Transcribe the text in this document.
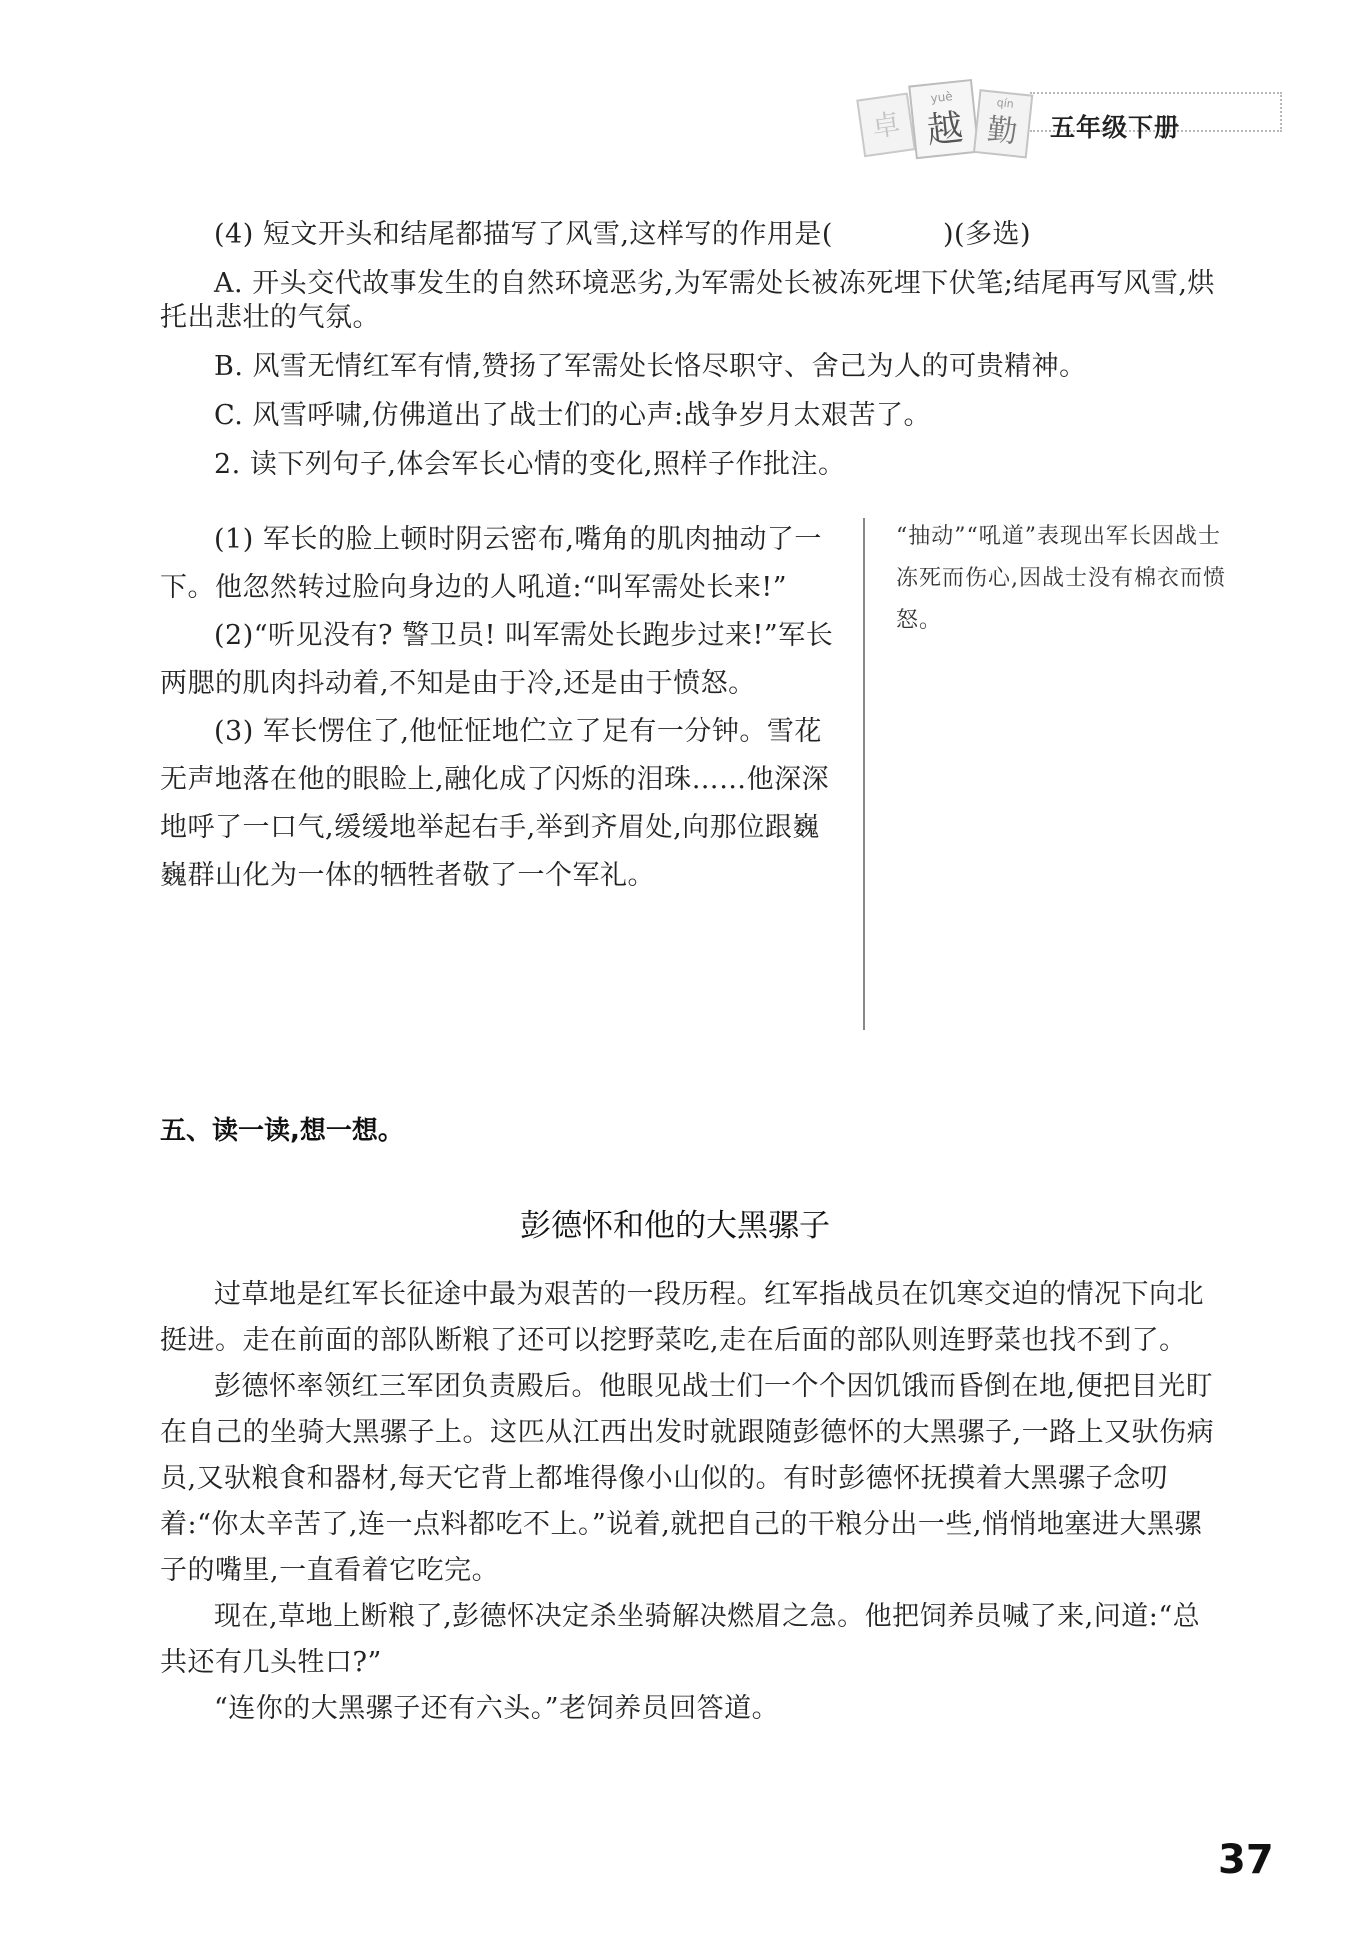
卓
yuè
越
qín
勤 五年级下册

(4) 短文开头和结尾都描写了风雪,这样写的作用是(　　　　)(多选)

A. 开头交代故事发生的自然环境恶劣,为军需处长被冻死埋下伏笔;结尾再写风雪,烘托出悲壮的气氛。

B. 风雪无情红军有情,赞扬了军需处长恪尽职守、舍己为人的可贵精神。

C. 风雪呼啸,仿佛道出了战士们的心声:战争岁月太艰苦了。

2. 读下列句子,体会军长心情的变化,照样子作批注。

(1) 军长的脸上顿时阴云密布,嘴角的肌肉抽动了一下。他忽然转过脸向身边的人吼道:“叫军需处长来!”

(2)“听见没有? 警卫员! 叫军需处长跑步过来!”军长两腮的肌肉抖动着,不知是由于冷,还是由于愤怒。

(3) 军长愣住了,他怔怔地伫立了足有一分钟。雪花无声地落在他的眼睑上,融化成了闪烁的泪珠……他深深地呼了一口气,缓缓地举起右手,举到齐眉处,向那位跟巍巍群山化为一体的牺牲者敬了一个军礼。

“抽动”“吼道”表现出军长因战士冻死而伤心,因战士没有棉衣而愤怒。

五、读一读,想一想。
彭德怀和他的大黑骡子

过草地是红军长征途中最为艰苦的一段历程。红军指战员在饥寒交迫的情况下向北挺进。走在前面的部队断粮了还可以挖野菜吃,走在后面的部队则连野菜也找不到了。

彭德怀率领红三军团负责殿后。他眼见战士们一个个因饥饿而昏倒在地,便把目光盯在自己的坐骑大黑骡子上。这匹从江西出发时就跟随彭德怀的大黑骡子,一路上又驮伤病员,又驮粮食和器材,每天它背上都堆得像小山似的。有时彭德怀抚摸着大黑骡子念叨着:“你太辛苦了,连一点料都吃不上。”说着,就把自己的干粮分出一些,悄悄地塞进大黑骡子的嘴里,一直看着它吃完。

现在,草地上断粮了,彭德怀决定杀坐骑解决燃眉之急。他把饲养员喊了来,问道:“总共还有几头牲口?”

“连你的大黑骡子还有六头。”老饲养员回答道。

37
